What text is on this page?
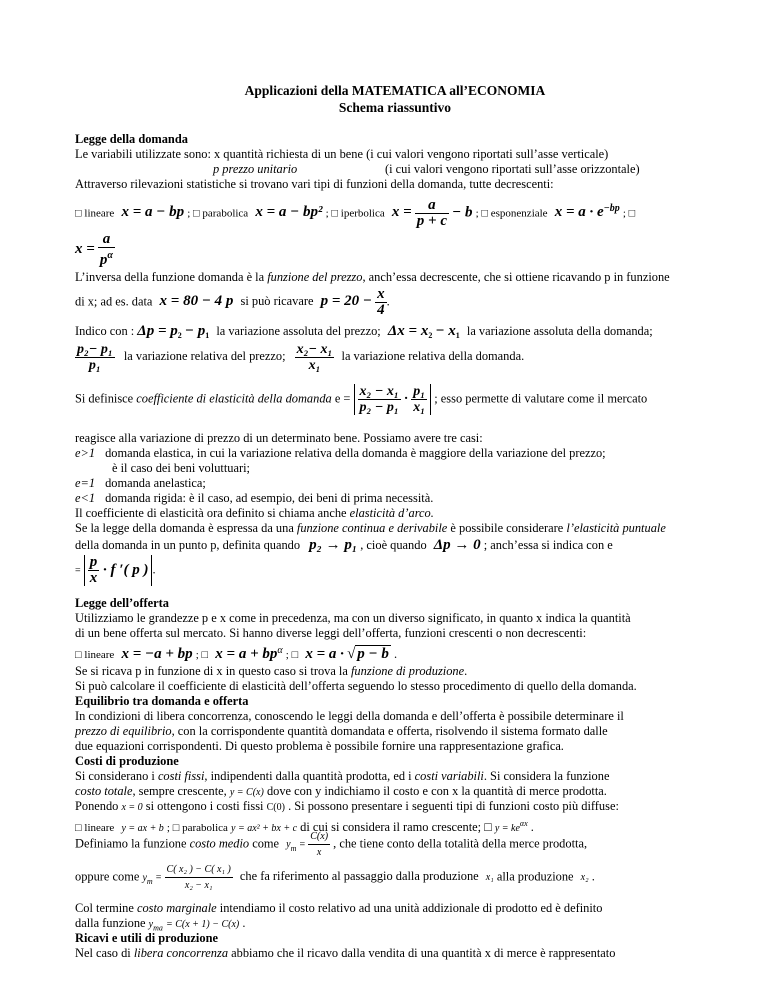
Applicazioni della MATEMATICA all’ECONOMIA
Schema riassuntivo
Legge della domanda
Le variabili utilizzate sono: x quantità richiesta di un bene (i cui valori vengono riportati sull’asse verticale)
p prezzo unitario	(i cui valori vengono riportati sull’asse orizzontale)
Attraverso rilevazioni statistiche si trovano vari tipi di funzioni della domanda, tutte decrescenti:
□ lineare x = a − bp ; □ parabolica x = a − bp² ; □ iperbolica $x = \frac{a}{p + c} - b$ ; □ esponenziale $x = a \cdot e^{-bp}$ ; □
$x = \frac{a}{p^\alpha}$
L’inversa della funzione domanda è la funzione del prezzo, anch’essa decrescente, che si ottiene ricavando p in funzione
di x; ad es. data x = 80 − 4 p si può ricavare $p = 20 - \frac{x}{4}$ .
Indico con : $\Delta p = p_2 - p_1$ la variazione assoluta del prezzo; $\Delta x = x_2 - x_1$ la variazione assoluta della domanda;
$\frac{\text{p₂− p₁}}{\text{p₁}}$ la variazione relativa del prezzo; $\frac{\text{x₂− x₁}}{\text{x₁}}$ la variazione relativa della domanda.
Si definisce coefficiente di elasticità della domanda $e = \frac{\text{x₂ − x₁}}{\text{p₂ − p₁}} \cdot \frac{\text{p₁}}{\text{x₁}}$ ; esso permette di valutare come il mercato
reagisce alla variazione di prezzo di un determinato bene. Possiamo avere tre casi:
e>1 domanda elastica, in cui la variazione relativa della domanda è maggiore della variazione del prezzo;
è il caso dei beni voluttuari;
e=1 domanda anelastica;
e<1 domanda rigida: è il caso, ad esempio, dei beni di prima necessità.
Il coefficiente di elasticità ora definito si chiama anche elasticità d’arco.
Se la legge della domanda è espressa da una funzione continua e derivabile è possibile considerare l’elasticità puntuale
della domanda in un punto p, definita quando p₂ → p₁ , cioè quando Δp → 0 ; anch’essa si indica con e
= $\frac{p}{x} \cdot f$ ′( p ) .
Legge dell’offerta
Utilizziamo le grandezze p e x come in precedenza, ma con un diverso significato, in quanto x indica la quantità
di un bene offerta sul mercato. Si hanno diverse leggi dell’offerta, funzioni crescenti o non decrescenti:
□ lineare x = −a + bp ; □ $x = a + bp^\alpha$ ; □ x = a · √ p − b .
Se si ricava p in funzione di x in questo caso si trova la funzione di produzione.
Si può calcolare il coefficiente di elasticità dell’offerta seguendo lo stesso procedimento di quello della domanda.
Equilibrio tra domanda e offerta
In condizioni di libera concorrenza, conoscendo le leggi della domanda e dell’offerta è possibile determinare il
prezzo di equilibrio, con la corrispondente quantità domandata e offerta, risolvendo il sistema formato dalle
due equazioni corrispondenti. Di questo problema è possibile fornire una rappresentazione grafica.
Costi di produzione
Si considerano i costi fissi, indipendenti dalla quantità prodotta, ed i costi variabili. Si considera la funzione
costo totale, sempre crescente, y = C(x) dove con y indichiamo il costo e con x la quantità di merce prodotta.
Ponendo x = 0 si ottengono i costi fissi C(0) . Si possono presentare i seguenti tipi di funzioni costo più diffuse:
□ lineare y = ax + b ; □ parabolica y = ax² + bx + c di cui si considera il ramo crescente; □ $y = ke^{\alpha x}$ .
Definiamo la funzione costo medio come $y_m = \frac{C(x)}{x}$ , che tiene conto della totalità della merce prodotta,
oppure come $y_m = \frac{\text{C( x₂ ) − C( x₁ )}}{\text{x₂ − x₁}}$ che fa riferimento al passaggio dalla produzione x₁ alla produzione x₂ .
Col termine costo marginale intendiamo il costo relativo ad una unità addizionale di prodotto ed è definito
dalla funzione $y_{ma} = C(x + 1) - C(x)$ .
Ricavi e utili di produzione
Nel caso di libera concorrenza abbiamo che il ricavo dalla vendita di una quantità x di merce è rappresentato
